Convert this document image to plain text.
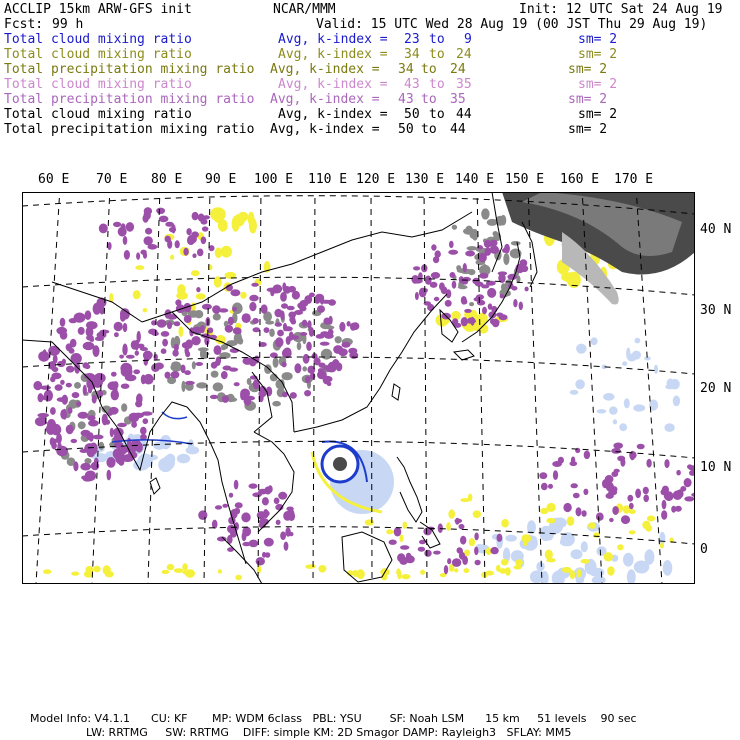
ACCLIP 15km ARW-GFS init	NCAR/MMM	Init: 12 UTC Sat 24 Aug 19
Fcst: 99 h	Valid: 15 UTC Wed 28 Aug 19 (00 JST Thu 29 Aug 19)
Total cloud mixing ratio	Avg, k-index = 23 to 9	sm= 2
Total cloud mixing ratio	Avg, k-index = 34 to 24	sm= 2
Total precipitation mixing ratio Avg, k-index = 34 to 24	sm= 2
Total cloud mixing ratio	Avg, k-index = 43 to 35	sm= 2
Total precipitation mixing ratio Avg, k-index = 43 to 35	sm= 2
Total cloud mixing ratio	Avg, k-index = 50 to 44	sm= 2
Total precipitation mixing ratio Avg, k-index = 50 to 44	sm= 2
60 E 70 E 80 E 90 E 100 E 110 E 120 E 130 E 140 E 150 E 160 E 170 E
40 N
30 N
20 N
10 N
0
Model Info: V4.1.1      CU: KF       MP: WDM 6class   PBL: YSU        SF: Noah LSM      15 km     51 levels    90 sec
LW: RRTMG     SW: RRTMG    DIFF: simple KM: 2D Smagor DAMP: Rayleigh3   SFLAY: MM5
